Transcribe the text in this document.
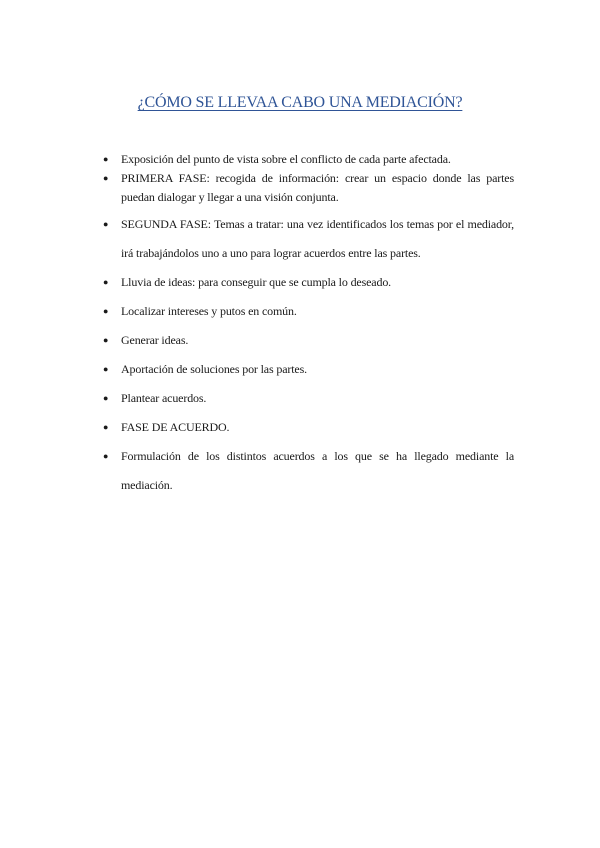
¿CÓMO SE LLEVAA CABO UNA MEDIACIÓN?
● Exposición del punto de vista sobre el conflicto de cada parte afectada.
● PRIMERA FASE: recogida de información: crear un espacio donde las partes puedan dialogar y llegar a una visión conjunta.
● SEGUNDA FASE: Temas a tratar: una vez identificados los temas por el mediador, irá trabajándolos uno a uno para lograr acuerdos entre las partes.
● Lluvia de ideas: para conseguir que se cumpla lo deseado.
● Localizar intereses y putos en común.
● Generar ideas.
● Aportación de soluciones por las partes.
● Plantear acuerdos.
● FASE DE ACUERDO.
● Formulación de los distintos acuerdos a los que se ha llegado mediante la mediación.
